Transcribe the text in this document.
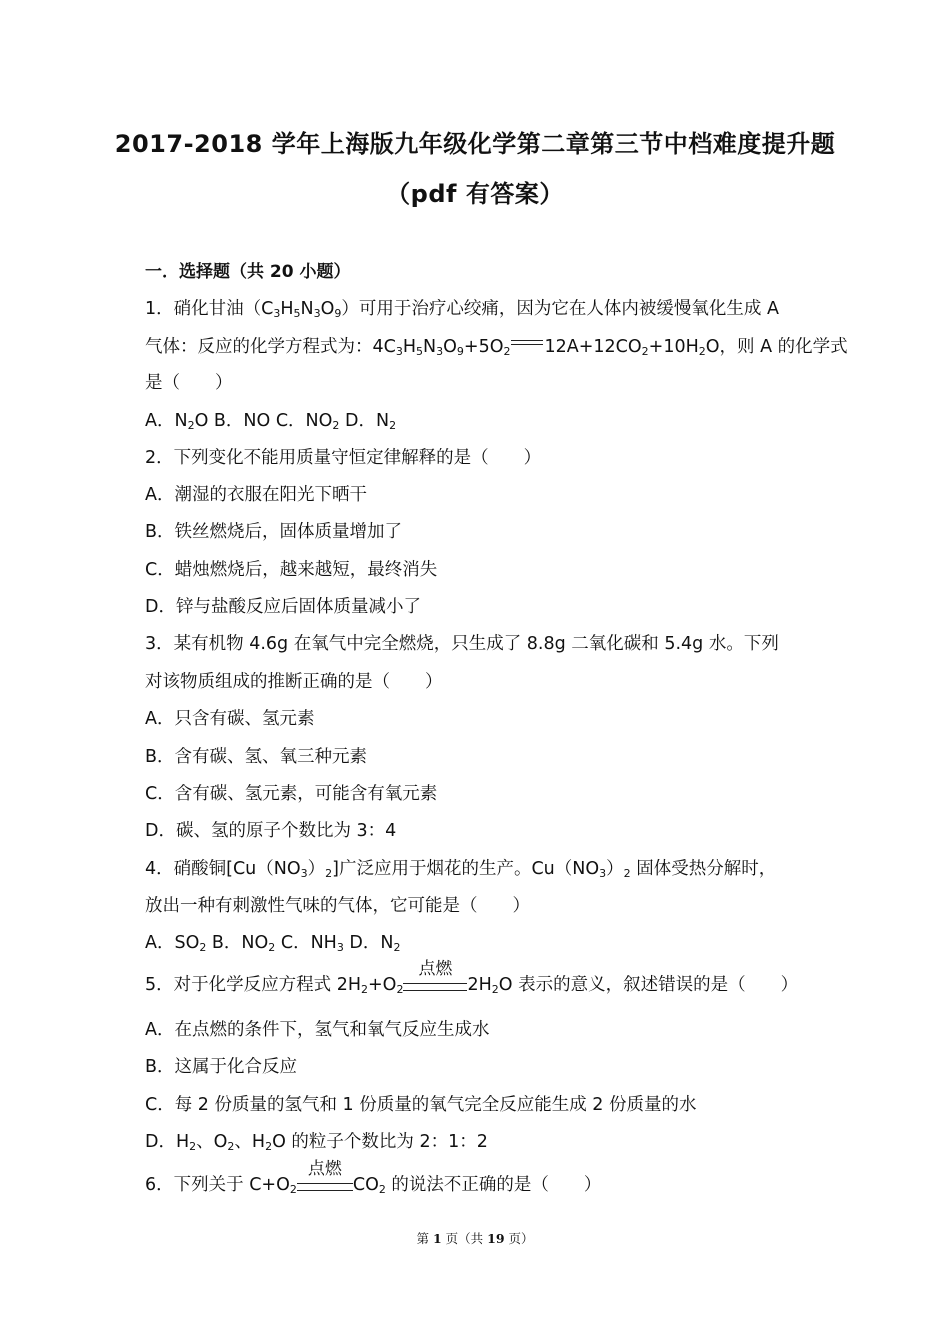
2017-2018 学年上海版九年级化学第二章第三节中档难度提升题
（pdf 有答案）
一．选择题（共 20 小题）
1．硝化甘油$(C_3H_5N_3O_9)$可用于治疗心绞痛，因为它在人体内被缓慢氧化生成 A
气体：反应的化学方程式为：$4C_3H_5N_3O_9+5O_2$ $12A+12CO_2+10H_2O$，则 A 的化学式
是（　　）
A．$N_2O$ B．NO C．$NO_2$ D．$N_2$
2．下列变化不能用质量守恒定律解释的是（　　）
A．潮湿的衣服在阳光下晒干
B．铁丝燃烧后，固体质量增加了
C．蜡烛燃烧后，越来越短，最终消失
D．锌与盐酸反应后固体质量减小了
3．某有机物 4.6g 在氧气中完全燃烧，只生成了 8.8g 二氧化碳和 5.4g 水。下列
对该物质组成的推断正确的是（　　）
A．只含有碳、氢元素
B．含有碳、氢、氧三种元素
C．含有碳、氢元素，可能含有氧元素
D．碳、氢的原子个数比为 3：4
4．硝酸铜$[Cu(NO_3)_2]$广泛应用于烟花的生产。$Cu(NO_3)_2$ 固体受热分解时，
放出一种有刺激性气味的气体，它可能是（　　）
A．$SO_2$ B．$NO_2$ C．$NH_3$ D．$N_2$
5．对于化学反应方程式 $2H_2+O_2$
点燃
$2H_2O$ 表示的意义，叙述错误的是（　　）
A．在点燃的条件下，氢气和氧气反应生成水
B．这属于化合反应
C．每 2 份质量的氢气和 1 份质量的氧气完全反应能生成 2 份质量的水
D．$H_2$、$O_2$、$H_2O$ 的粒子个数比为 2：1：2
6．下列关于 $C+O_2$
点燃
$CO_2$ 的说法不正确的是（　　）
第 1 页（共 19 页）
